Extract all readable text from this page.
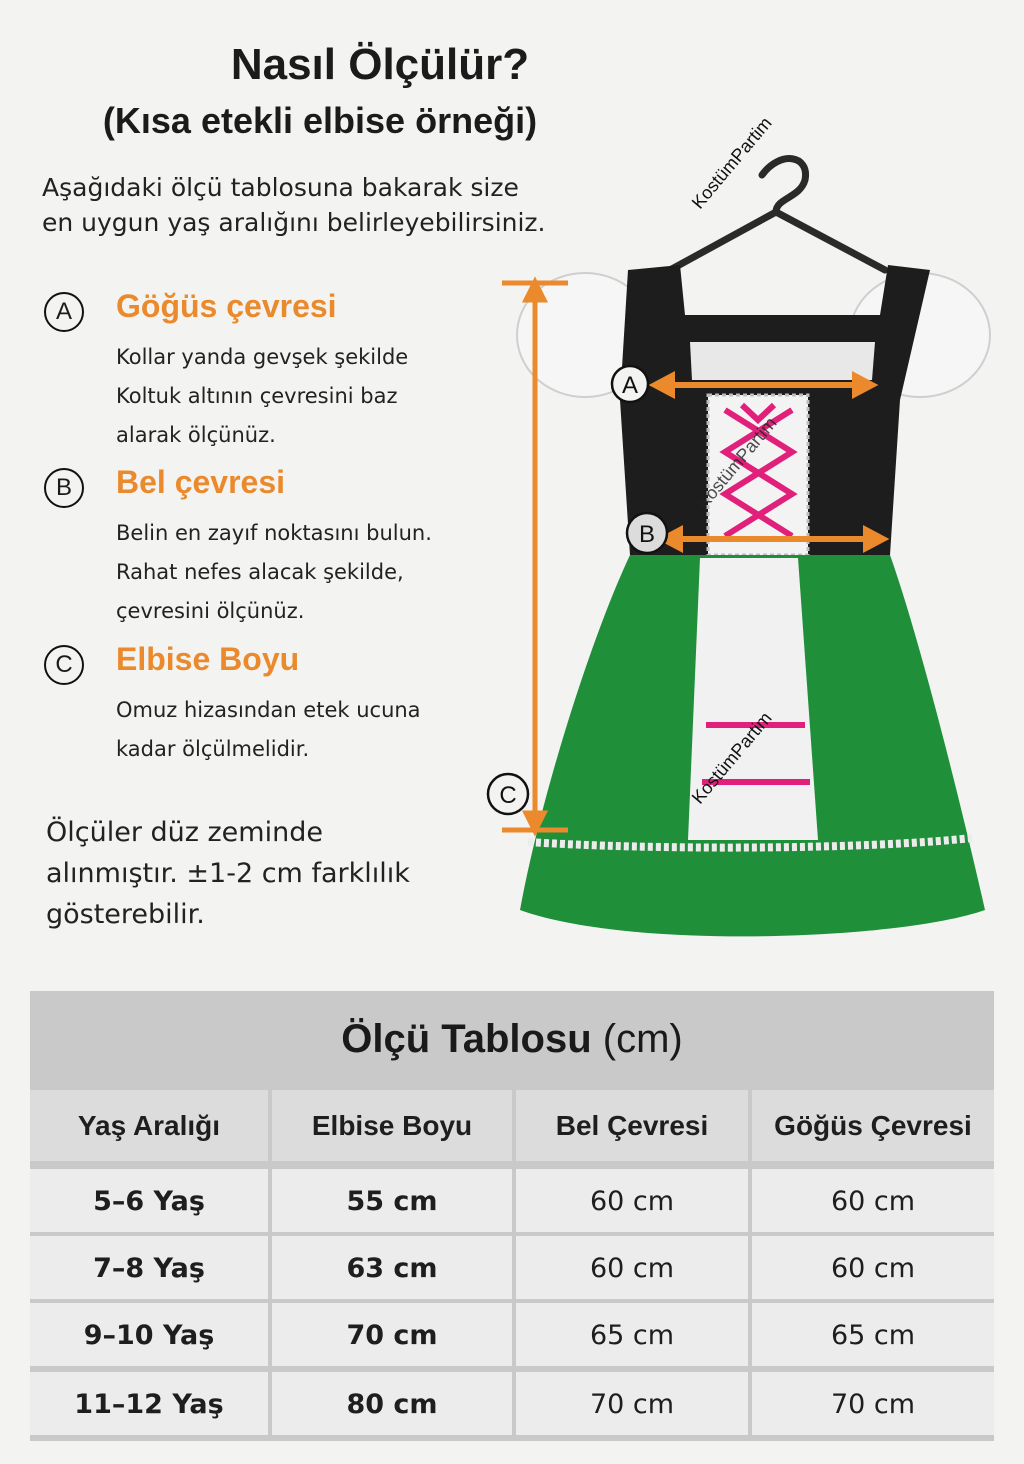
Nasıl Ölçülür?
(Kısa etekli elbise örneği)
Aşağıdaki ölçü tablosuna bakarak size
en uygun yaş aralığını belirleyebilirsiniz.
A	Göğüs çevresi
Kollar yanda gevşek şekilde
Koltuk altının çevresini baz
alarak ölçünüz.
B	Bel çevresi
Belin en zayıf noktasını bulun.
Rahat nefes alacak şekilde,
çevresini ölçünüz.
C	Elbise Boyu
Omuz hizasından etek ucuna
kadar ölçülmelidir.
Ölçüler düz zeminde
alınmıştır. ±1-2 cm farklılık
gösterebilir.
A
B
C
KostümPartim
KostümPartim
KostümPartim
Ölçü Tablosu (cm)
Yaş Aralığı	Elbise Boyu	Bel Çevresi	Göğüs Çevresi
5–6 Yaş	55 cm	60 cm	60 cm
7–8 Yaş	63 cm	60 cm	60 cm
9–10 Yaş	70 cm	65 cm	65 cm
11–12 Yaş	80 cm	70 cm	70 cm
